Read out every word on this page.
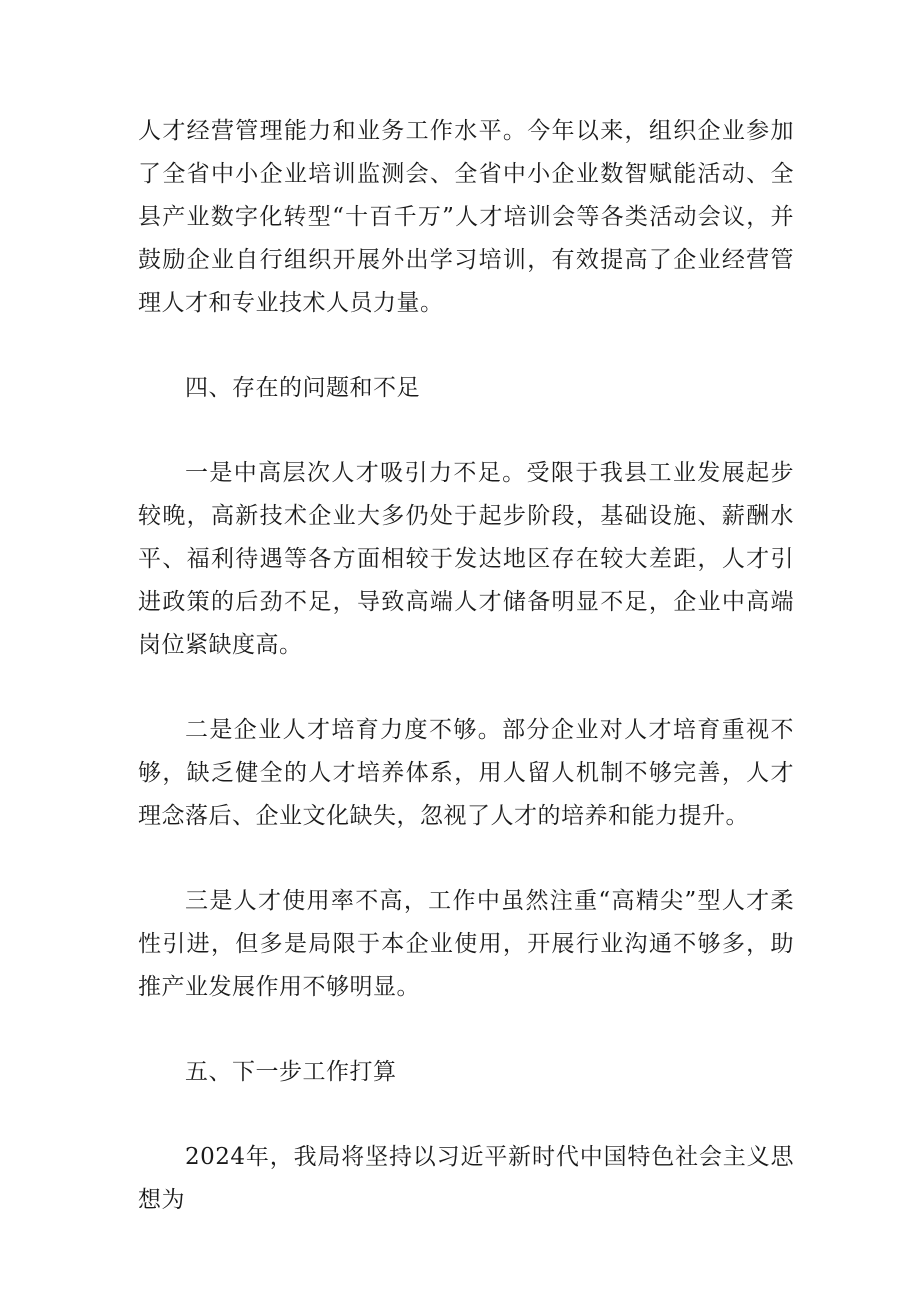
人才经营管理能力和业务工作水平。今年以来，组织企业参加了全省中小企业培训监测会、全省中小企业数智赋能活动、全县产业数字化转型“十百千万”人才培训会等各类活动会议，并鼓励企业自行组织开展外出学习培训，有效提高了企业经营管理人才和专业技术人员力量。

四、存在的问题和不足

一是中高层次人才吸引力不足。受限于我县工业发展起步较晚，高新技术企业大多仍处于起步阶段，基础设施、薪酬水平、福利待遇等各方面相较于发达地区存在较大差距，人才引进政策的后劲不足，导致高端人才储备明显不足，企业中高端岗位紧缺度高。

二是企业人才培育力度不够。部分企业对人才培育重视不够，缺乏健全的人才培养体系，用人留人机制不够完善，人才理念落后、企业文化缺失，忽视了人才的培养和能力提升。

三是人才使用率不高，工作中虽然注重“高精尖”型人才柔性引进，但多是局限于本企业使用，开展行业沟通不够多，助推产业发展作用不够明显。

五、下一步工作打算

2024年，我局将坚持以习近平新时代中国特色社会主义思想为
